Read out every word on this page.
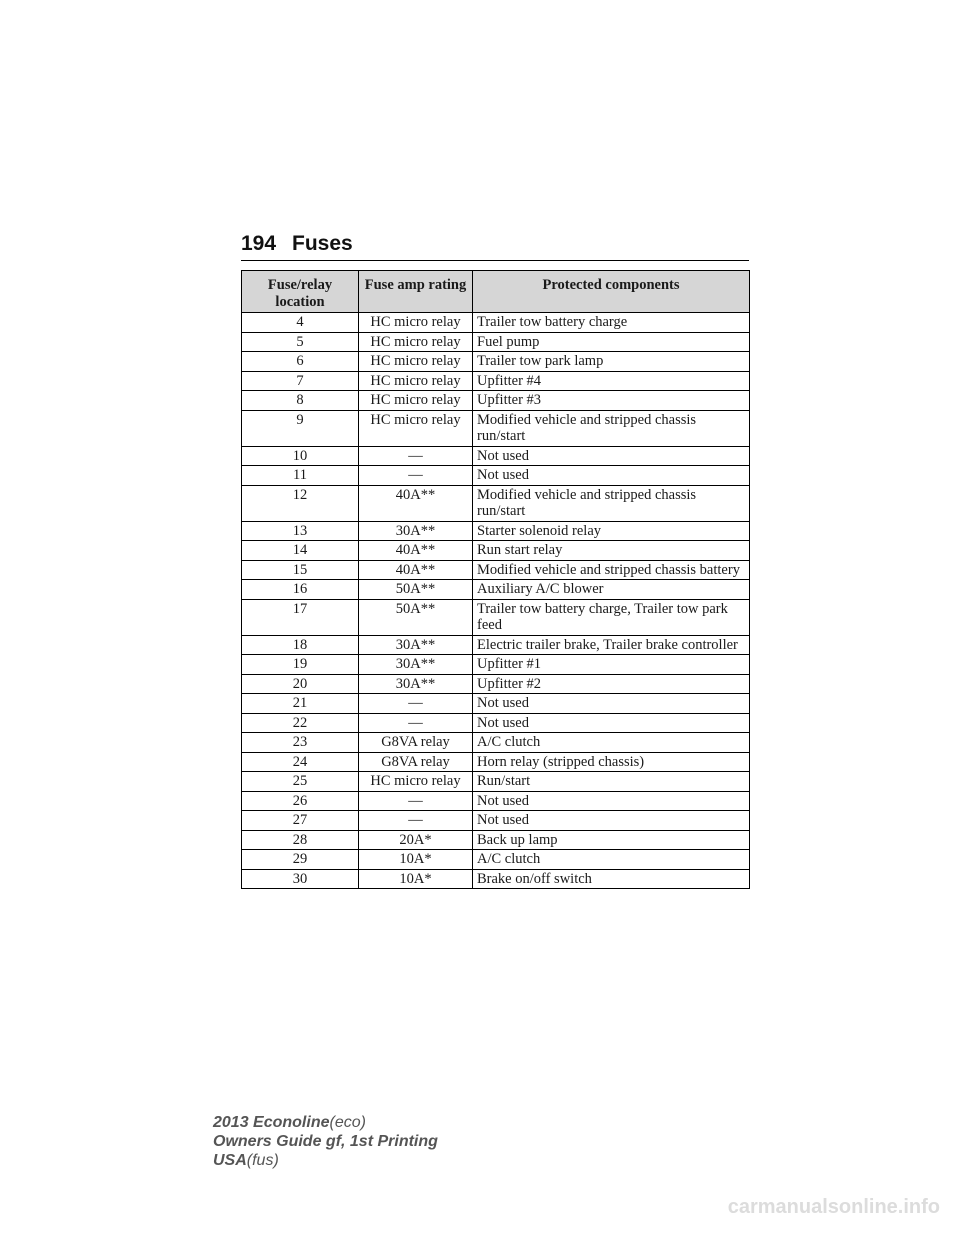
194 Fuses
Fuse/relay location	Fuse amp rating	Protected components
4	HC micro relay	Trailer tow battery charge
5	HC micro relay	Fuel pump
6	HC micro relay	Trailer tow park lamp
7	HC micro relay	Upfitter #4
8	HC micro relay	Upfitter #3
9	HC micro relay	Modified vehicle and stripped chassis run/start
10	—	Not used
11	—	Not used
12	40A**	Modified vehicle and stripped chassis run/start
13	30A**	Starter solenoid relay
14	40A**	Run start relay
15	40A**	Modified vehicle and stripped chassis battery
16	50A**	Auxiliary A/C blower
17	50A**	Trailer tow battery charge, Trailer tow park feed
18	30A**	Electric trailer brake, Trailer brake controller
19	30A**	Upfitter #1
20	30A**	Upfitter #2
21	—	Not used
22	—	Not used
23	G8VA relay	A/C clutch
24	G8VA relay	Horn relay (stripped chassis)
25	HC micro relay	Run/start
26	—	Not used
27	—	Not used
28	20A*	Back up lamp
29	10A*	A/C clutch
30	10A*	Brake on/off switch
2013 Econoline(eco)
Owners Guide gf, 1st Printing
USA(fus)
carmanualsonline.info
